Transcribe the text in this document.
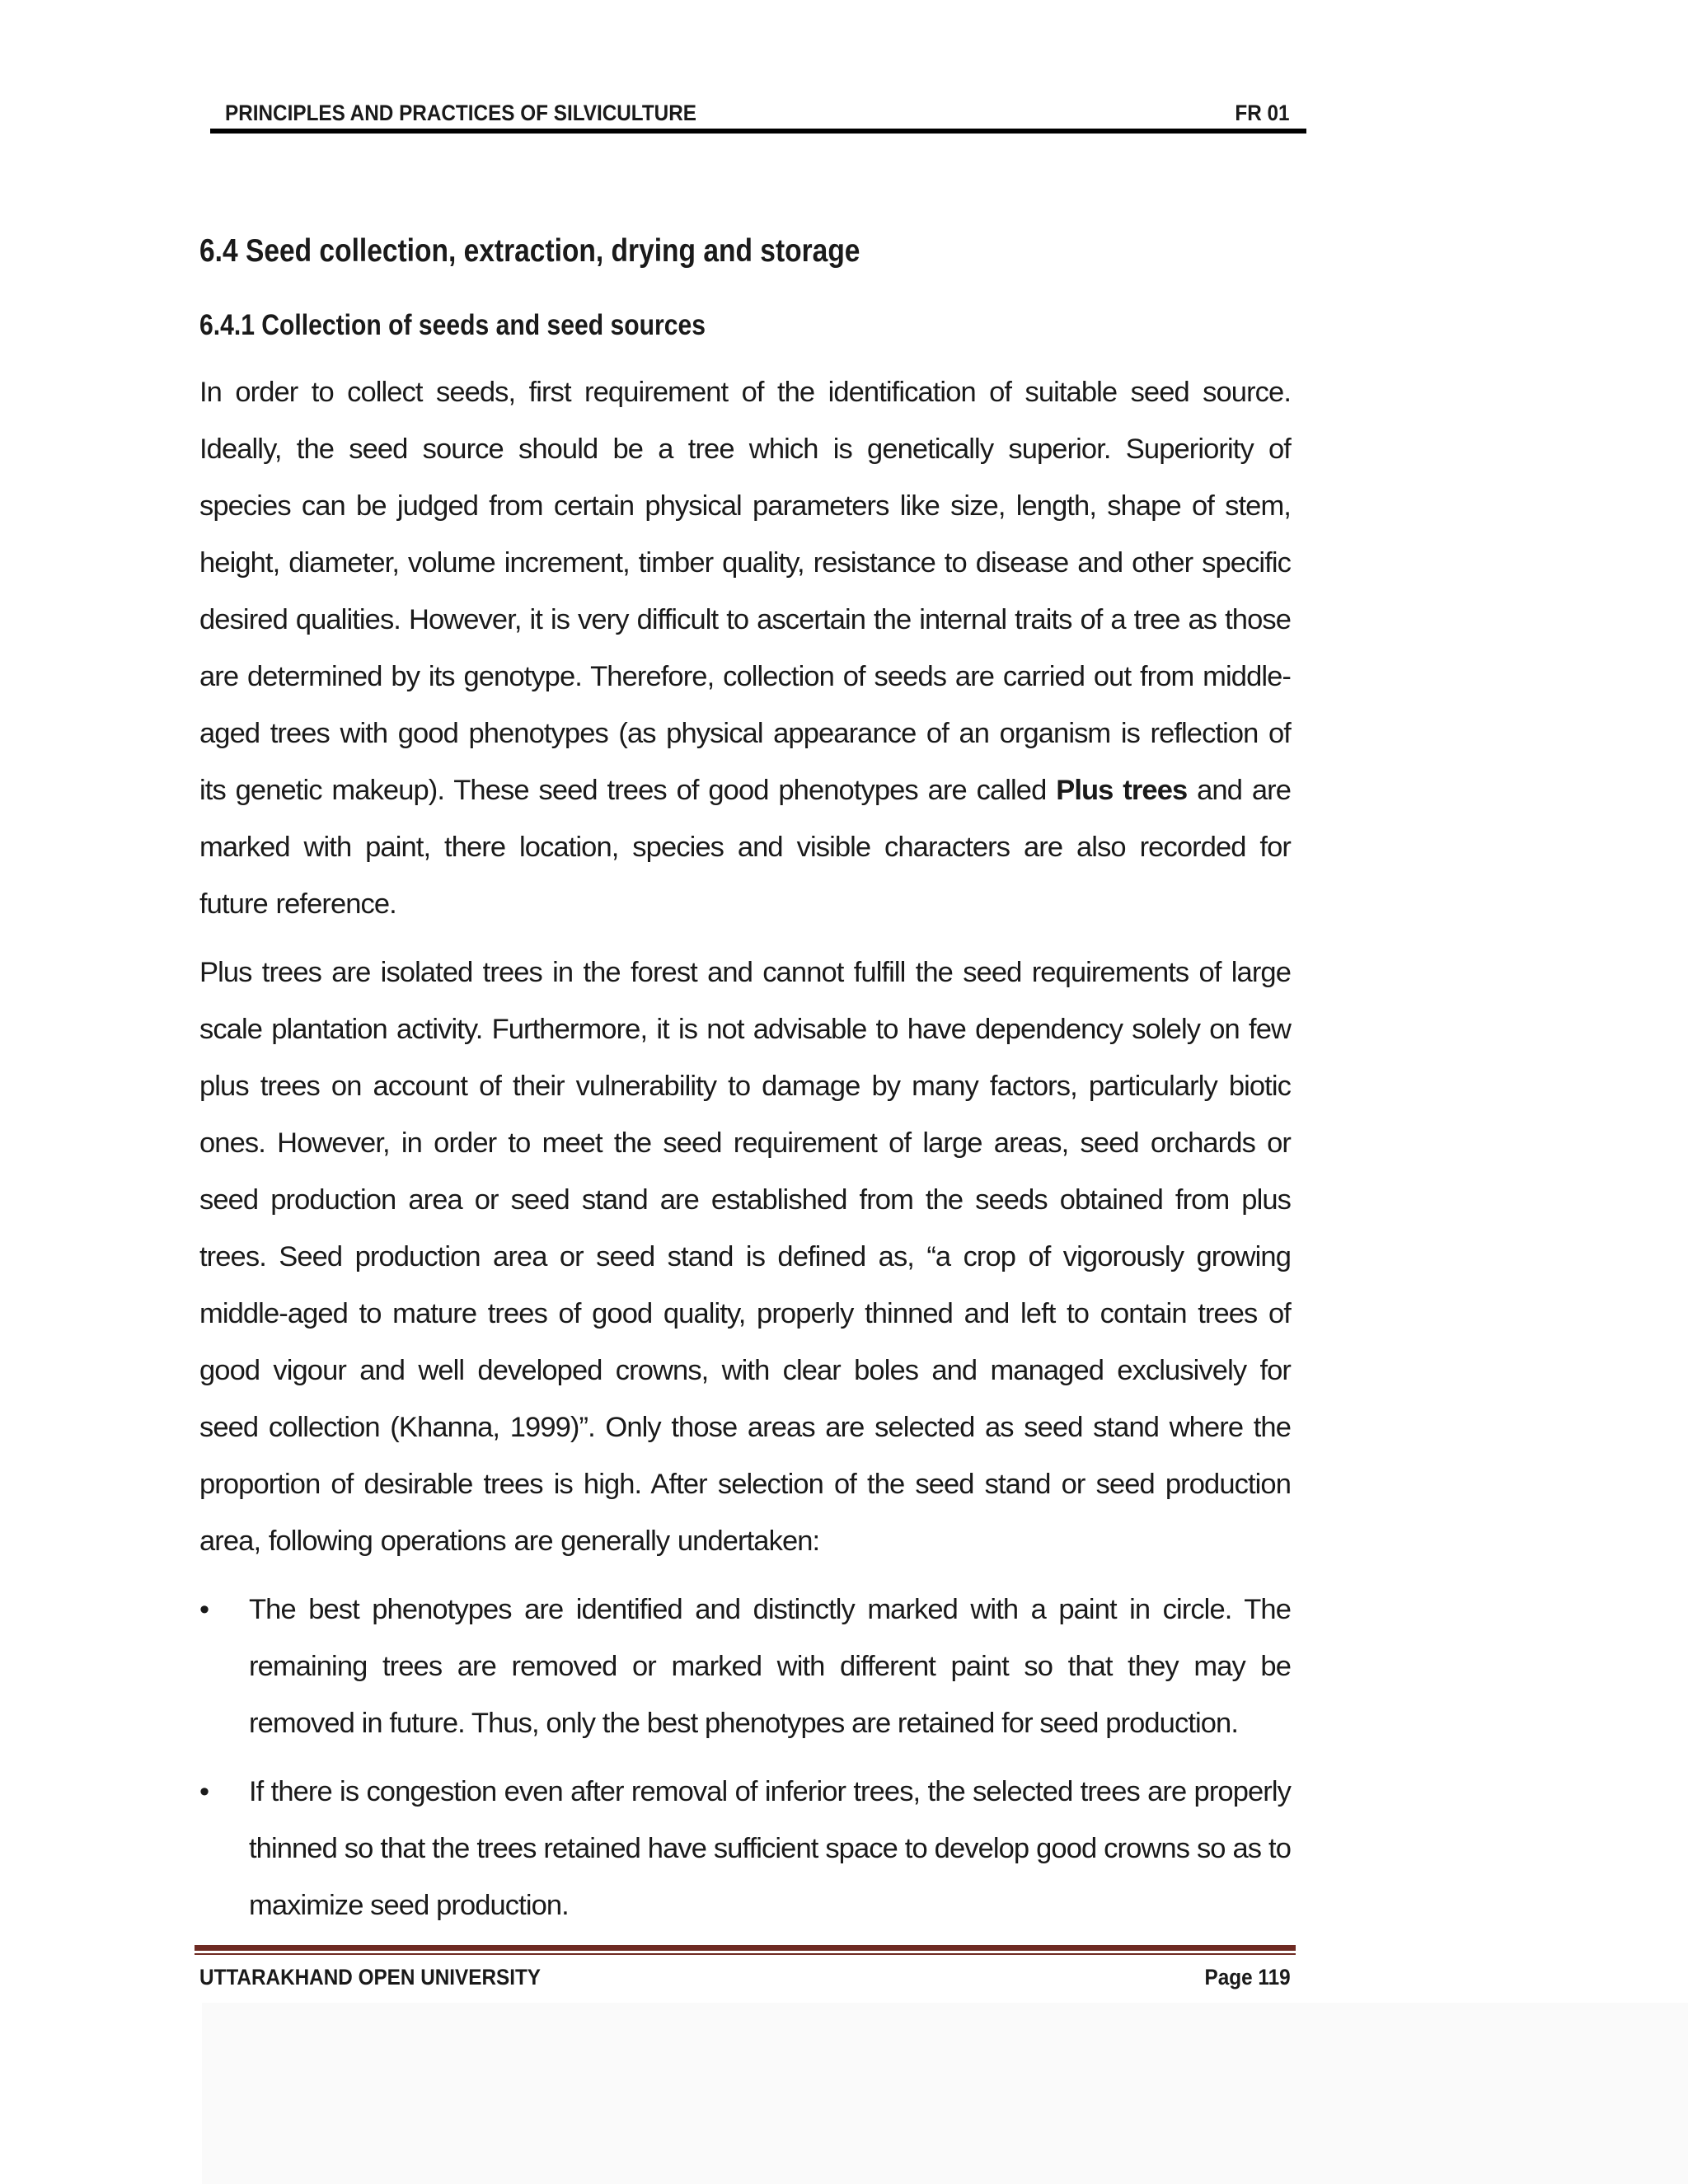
PRINCIPLES AND PRACTICES OF SILVICULTURE	FR 01
6.4 Seed collection, extraction, drying and storage
6.4.1 Collection of seeds and seed sources

In order to collect seeds, first requirement of the identification of suitable seed source. Ideally, the seed source should be a tree which is genetically superior. Superiority of species can be judged from certain physical parameters like size, length, shape of stem, height, diameter, volume increment, timber quality, resistance to disease and other specific desired qualities. However, it is very difficult to ascertain the internal traits of a tree as those are determined by its genotype. Therefore, collection of seeds are carried out from middle-aged trees with good phenotypes (as physical appearance of an organism is reflection of its genetic makeup). These seed trees of good phenotypes are called Plus trees and are marked with paint, there location, species and visible characters are also recorded for future reference.

Plus trees are isolated trees in the forest and cannot fulfill the seed requirements of large scale plantation activity. Furthermore, it is not advisable to have dependency solely on few plus trees on account of their vulnerability to damage by many factors, particularly biotic ones. However, in order to meet the seed requirement of large areas, seed orchards or seed production area or seed stand are established from the seeds obtained from plus trees. Seed production area or seed stand is defined as, “a crop of vigorously growing middle-aged to mature trees of good quality, properly thinned and left to contain trees of good vigour and well developed crowns, with clear boles and managed exclusively for seed collection (Khanna, 1999)”. Only those areas are selected as seed stand where the proportion of desirable trees is high. After selection of the seed stand or seed production area, following operations are generally undertaken:

• The best phenotypes are identified and distinctly marked with a paint in circle. The remaining trees are removed or marked with different paint so that they may be removed in future. Thus, only the best phenotypes are retained for seed production.
• If there is congestion even after removal of inferior trees, the selected trees are properly thinned so that the trees retained have sufficient space to develop good crowns so as to maximize seed production.
UTTARAKHAND OPEN UNIVERSITY	Page 119
